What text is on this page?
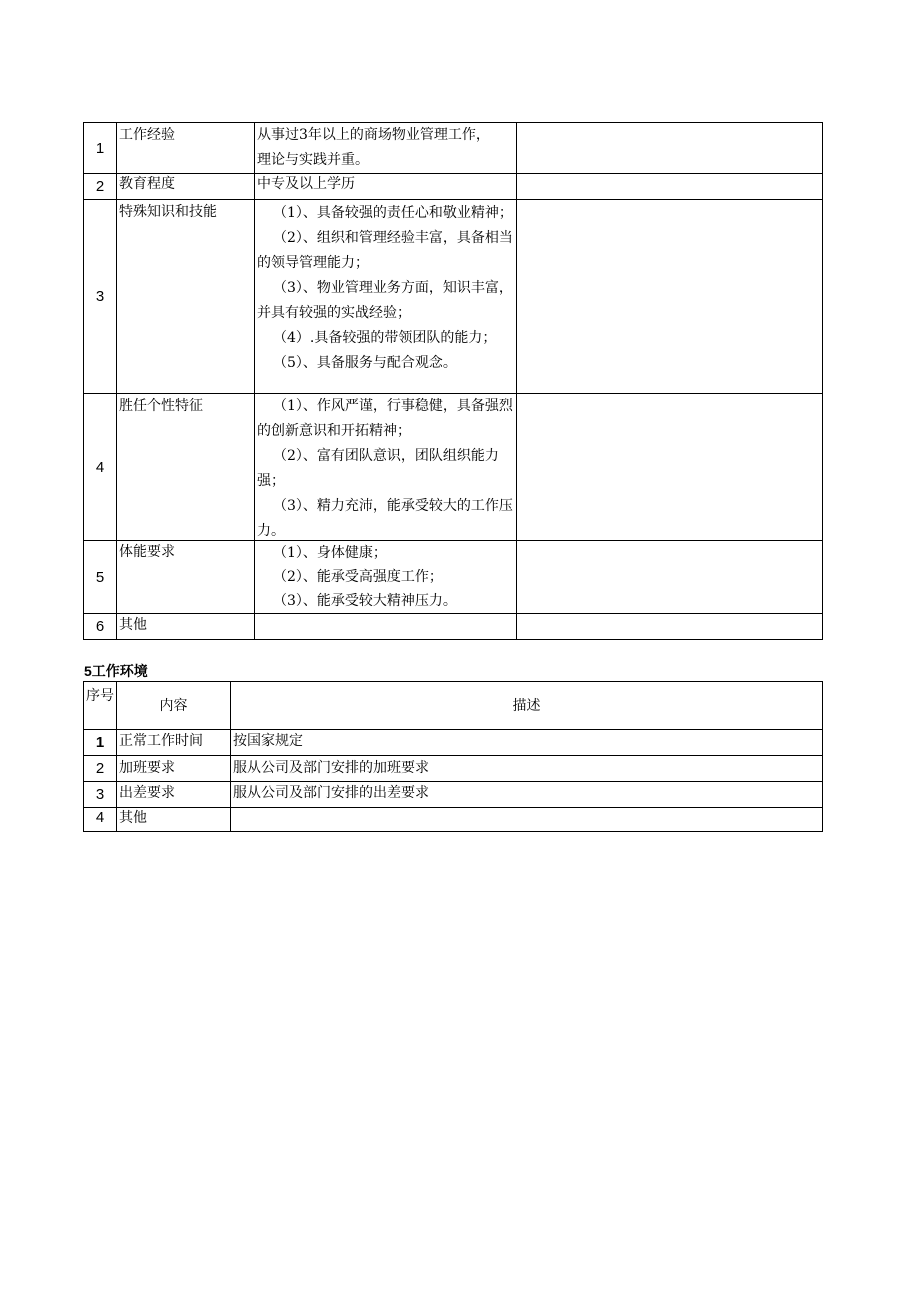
1	工作经验	从事过3年以上的商场物业管理工作，
理论与实践并重。	

2	教育程度	中专及以上学历	

3	特殊知识和技能	（1）、具备较强的责任心和敬业精神；
（2）、组织和管理经验丰富，具备相当的领导管理能力；
（3）、物业管理业务方面，知识丰富，并具有较强的实战经验；
（4）.具备较强的带领团队的能力；
（5）、具备服务与配合观念。	

4	胜任个性特征	（1）、作风严谨，行事稳健，具备强烈的创新意识和开拓精神；
（2）、富有团队意识，团队组织能力强；
（3）、精力充沛，能承受较大的工作压力。	

5	体能要求	（1）、身体健康；
（2）、能承受高强度工作；
（3）、能承受较大精神压力。	

6	其他		

5工作环境

序号	内容	描述
1	正常工作时间	按国家规定
2	加班要求	服从公司及部门安排的加班要求
3	出差要求	服从公司及部门安排的出差要求
4	其他	
